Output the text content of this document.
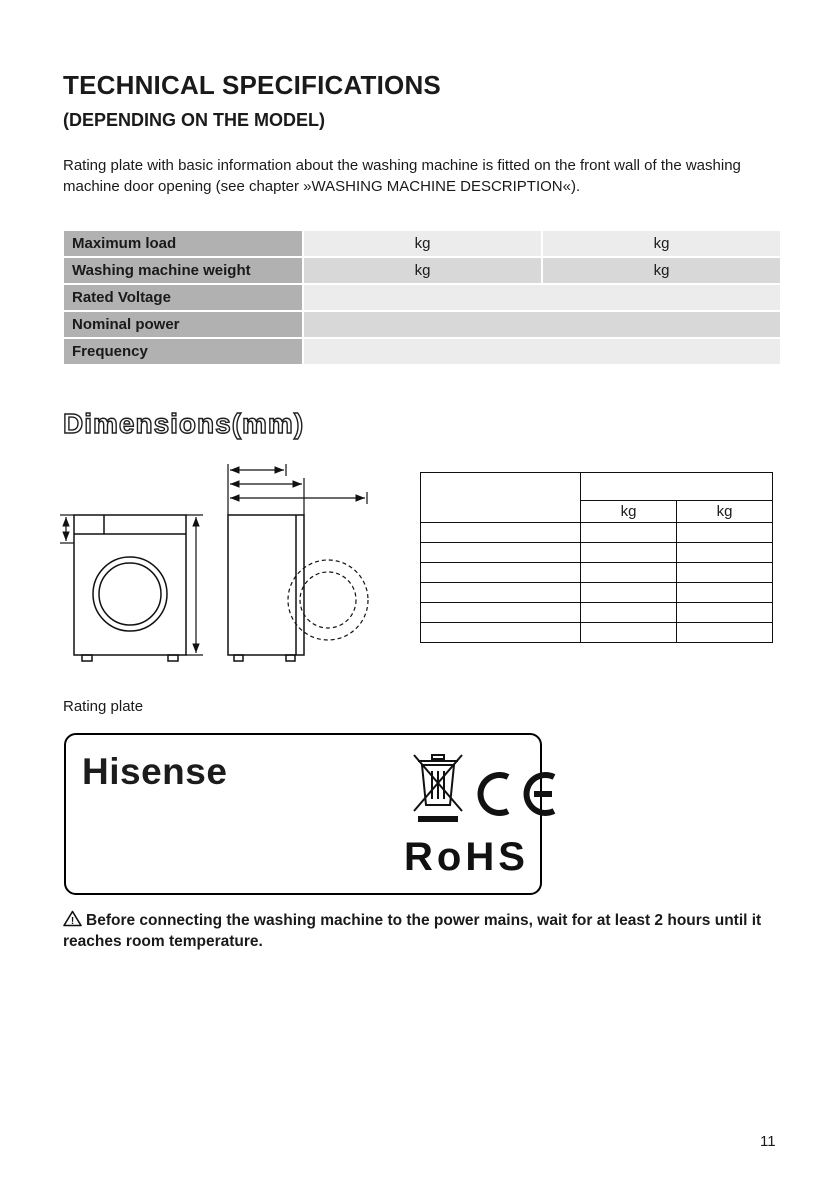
TECHNICAL SPECIFICATIONS
(DEPENDING ON THE MODEL)

Rating plate with basic information about the washing machine is fitted on the front wall of the washing machine door opening (see chapter »WASHING MACHINE DESCRIPTION«).

Maximum load	kg	kg
Washing machine weight	kg	kg
Rated Voltage		
Nominal power		
Frequency		
Dimensions(mm)

	kg	kg

Rating plate
Hisense
RoHS
! Before connecting the washing machine to the power mains, wait for at least 2 hours until it reaches room temperature.
11
